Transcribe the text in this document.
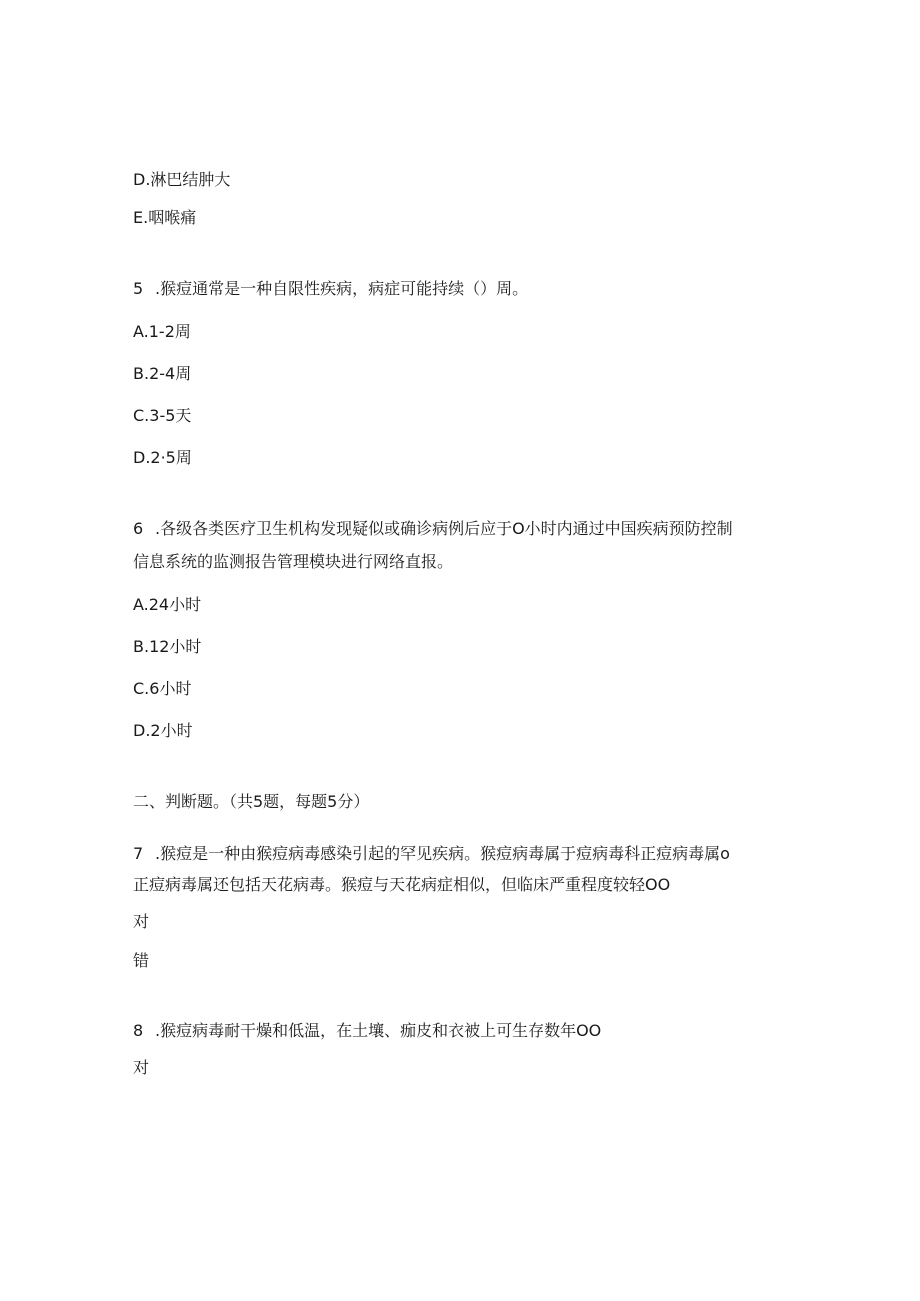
D.淋巴结肿大
E.咽喉痛
5 .猴痘通常是一种自限性疾病，病症可能持续（）周。
A.1-2周
B.2-4周
C.3-5天
D.2·5周
6 .各级各类医疗卫生机构发现疑似或确诊病例后应于O小时内通过中国疾病预防控制
信息系统的监测报告管理模块进行网络直报。
A.24小时
B.12小时
C.6小时
D.2小时
二、判断题。（共5题，每题5分）
7 .猴痘是一种由猴痘病毒感染引起的罕见疾病。猴痘病毒属于痘病毒科正痘病毒属o
正痘病毒属还包括天花病毒。猴痘与天花病症相似，但临床严重程度较轻OO
对
错
8 .猴痘病毒耐干燥和低温，在土壤、痂皮和衣被上可生存数年OO
对
